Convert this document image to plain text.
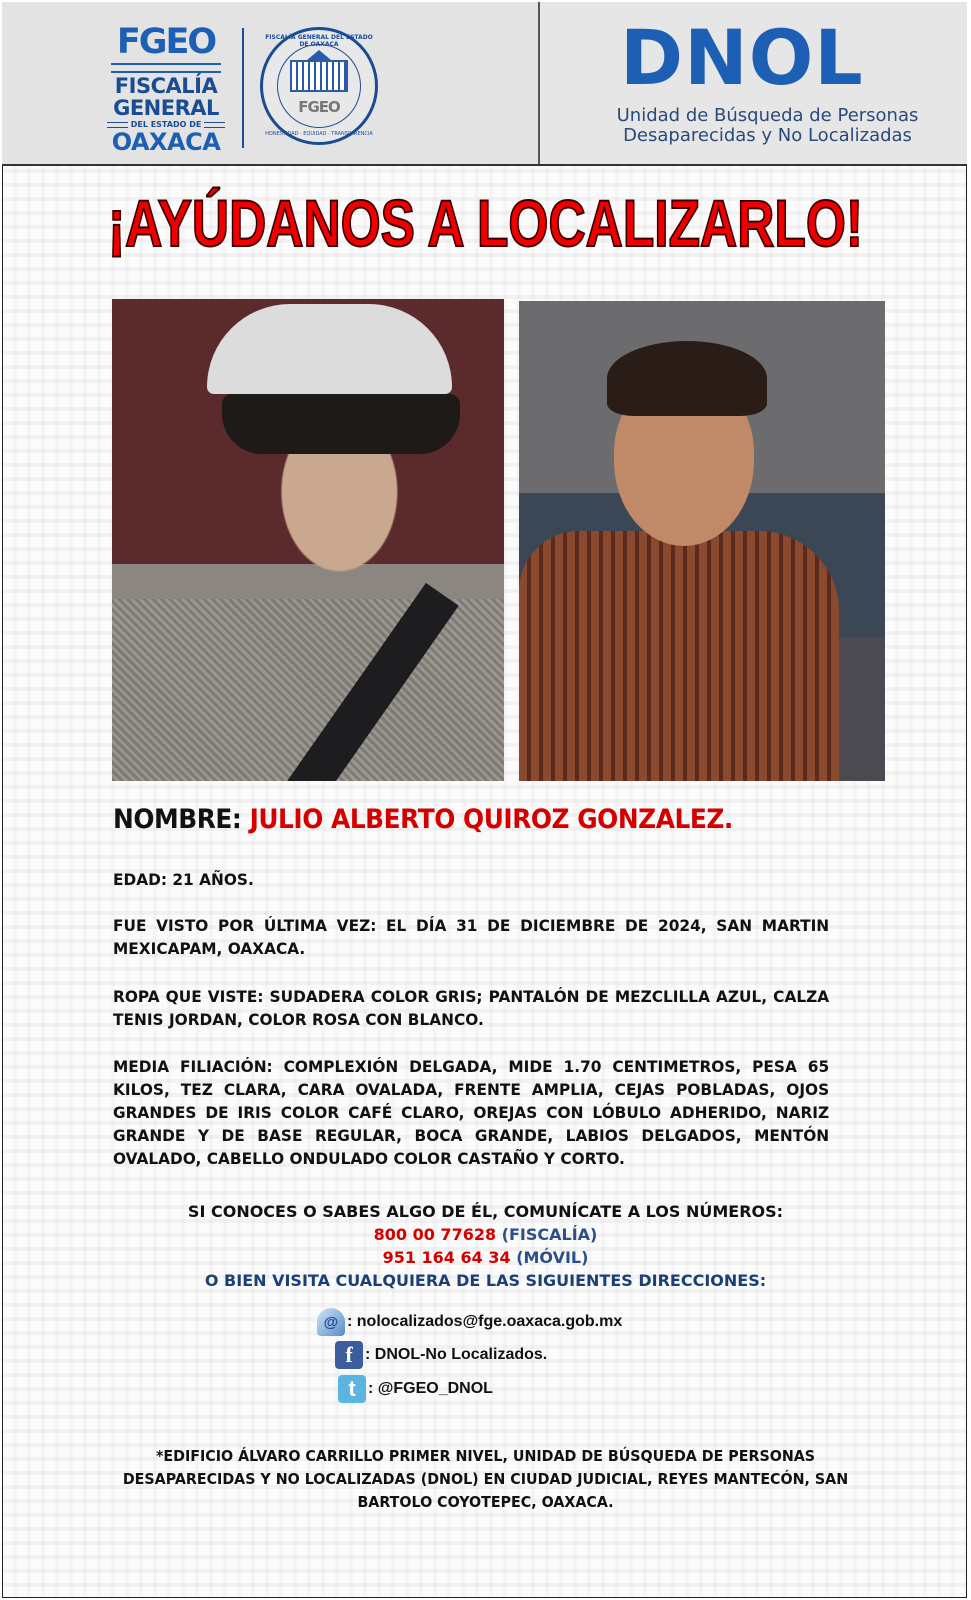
FGEO
FISCALÍA
GENERAL
DEL ESTADO DE
OAXACA
FISCALÍA GENERAL DEL ESTADO DE OAXACA
FGEO
HONESTIDAD · EQUIDAD · TRANSPARENCIA
DNOL
Unidad de Búsqueda de Personas
Desaparecidas y No Localizadas
¡AYÚDANOS A LOCALIZARLO!
NOMBRE: JULIO ALBERTO QUIROZ GONZALEZ.
EDAD: 21 AÑOS.
FUE VISTO POR ÚLTIMA VEZ: EL DÍA 31 DE DICIEMBRE DE 2024, SAN MARTIN MEXICAPAM, OAXACA.
ROPA QUE VISTE: SUDADERA COLOR GRIS; PANTALÓN DE MEZCLILLA AZUL, CALZA TENIS JORDAN, COLOR ROSA CON BLANCO.
MEDIA FILIACIÓN: COMPLEXIÓN DELGADA, MIDE 1.70 CENTIMETROS, PESA 65 KILOS, TEZ CLARA, CARA OVALADA, FRENTE AMPLIA, CEJAS POBLADAS, OJOS GRANDES DE IRIS COLOR CAFÉ CLARO, OREJAS CON LÓBULO ADHERIDO, NARIZ GRANDE Y DE BASE REGULAR, BOCA GRANDE, LABIOS DELGADOS, MENTÓN OVALADO, CABELLO ONDULADO COLOR CASTAÑO Y CORTO.
SI CONOCES O SABES ALGO DE ÉL, COMUNÍCATE A LOS NÚMEROS:
800 00 77628 (FISCALÍA)
951 164 64 34 (MÓVIL)
O BIEN VISITA CUALQUIERA DE LAS SIGUIENTES DIRECCIONES:
@ : nolocalizados@fge.oaxaca.gob.mx
f : DNOL-No Localizados.
t : @FGEO_DNOL
*EDIFICIO ÁLVARO CARRILLO PRIMER NIVEL, UNIDAD DE BÚSQUEDA DE PERSONAS DESAPARECIDAS Y NO LOCALIZADAS (DNOL) EN CIUDAD JUDICIAL, REYES MANTECÓN, SAN BARTOLO COYOTEPEC, OAXACA.
